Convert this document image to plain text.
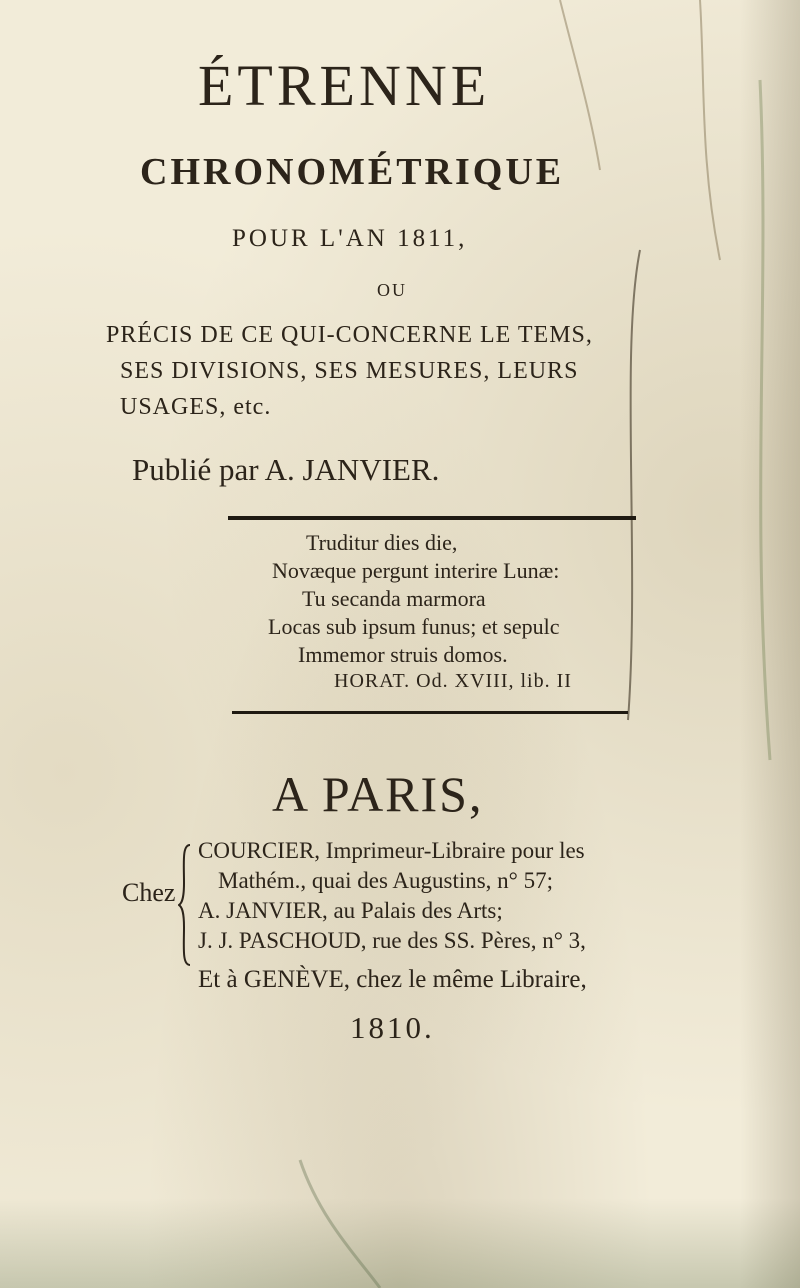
ÉTRENNE
CHRONOMÉTRIQUE
POUR L'AN 1811,
OU
PRÉCIS DE CE QUI-CONCERNE LE TEMS,
SES DIVISIONS, SES MESURES, LEURS
USAGES, etc.
Publié par A. JANVIER.
Truditur dies die,
Novæque pergunt interire Lunæ:
Tu secanda marmora
Locas sub ipsum funus; et sepulc
Immemor struis domos.
HORAT. Od. XVIII, lib. II
A PARIS,
Chez
COURCIER, Imprimeur-Libraire pour les
Mathém., quai des Augustins, n° 57;
A. JANVIER, au Palais des Arts;
J. J. PASCHOUD, rue des SS. Pères, n° 3,
Et à GENÈVE, chez le même Libraire,
1810.
